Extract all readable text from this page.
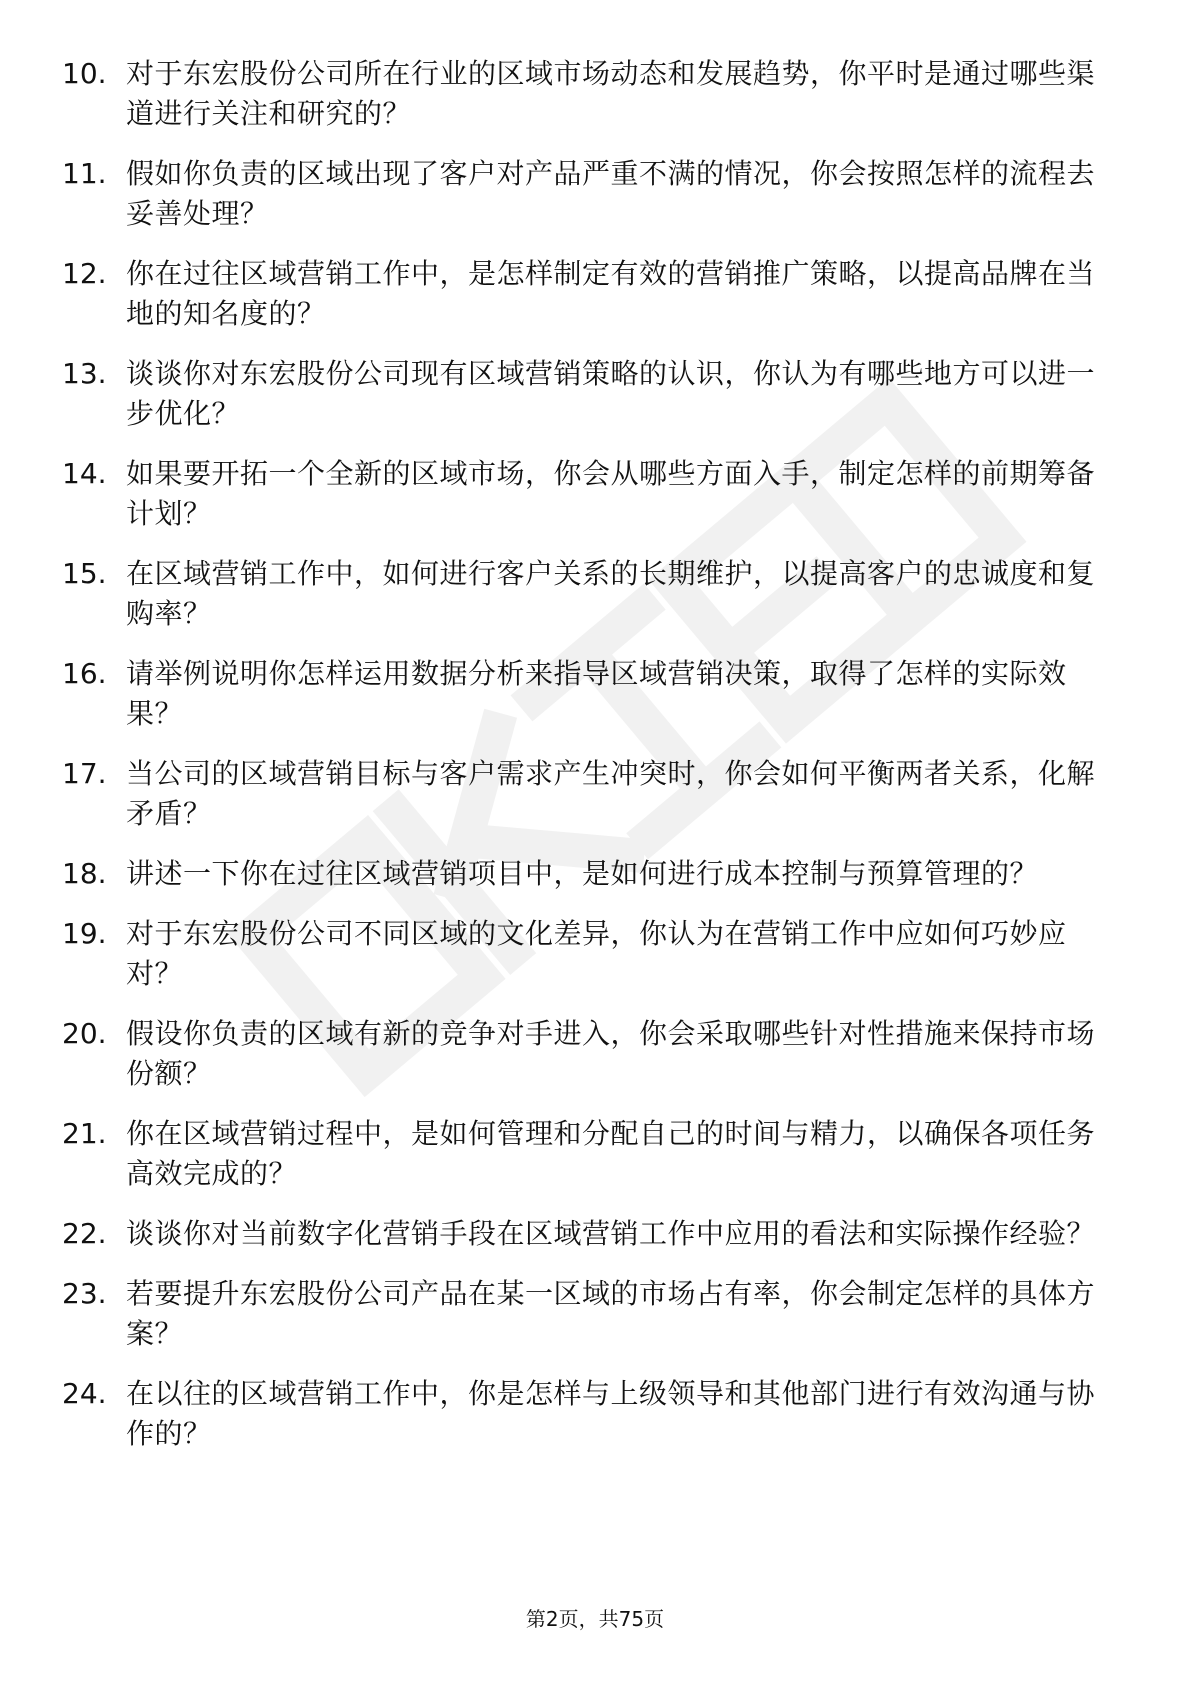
10. 对于东宏股份公司所在行业的区域市场动态和发展趋势，你平时是通过哪些渠道进行关注和研究的？
11. 假如你负责的区域出现了客户对产品严重不满的情况，你会按照怎样的流程去妥善处理？
12. 你在过往区域营销工作中，是怎样制定有效的营销推广策略，以提高品牌在当地的知名度的？
13. 谈谈你对东宏股份公司现有区域营销策略的认识，你认为有哪些地方可以进一步优化？
14. 如果要开拓一个全新的区域市场，你会从哪些方面入手，制定怎样的前期筹备计划？
15. 在区域营销工作中，如何进行客户关系的长期维护，以提高客户的忠诚度和复购率？
16. 请举例说明你怎样运用数据分析来指导区域营销决策，取得了怎样的实际效果？
17. 当公司的区域营销目标与客户需求产生冲突时，你会如何平衡两者关系，化解矛盾？
18. 讲述一下你在过往区域营销项目中，是如何进行成本控制与预算管理的？
19. 对于东宏股份公司不同区域的文化差异，你认为在营销工作中应如何巧妙应对？
20. 假设你负责的区域有新的竞争对手进入，你会采取哪些针对性措施来保持市场份额？
21. 你在区域营销过程中，是如何管理和分配自己的时间与精力，以确保各项任务高效完成的？
22. 谈谈你对当前数字化营销手段在区域营销工作中应用的看法和实际操作经验？
23. 若要提升东宏股份公司产品在某一区域的市场占有率，你会制定怎样的具体方案？
24. 在以往的区域营销工作中，你是怎样与上级领导和其他部门进行有效沟通与协作的？
第2页，共75页
